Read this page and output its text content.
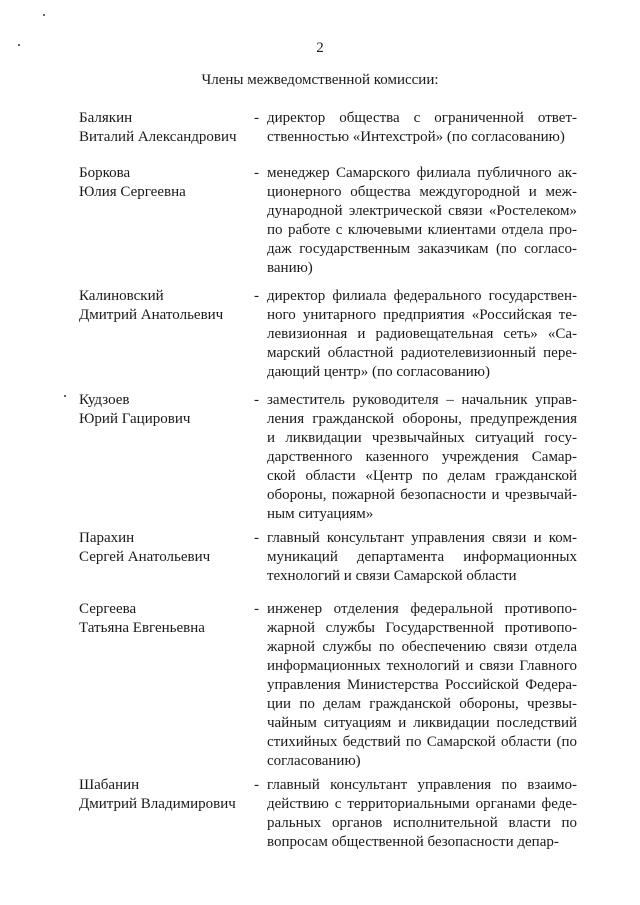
2
Члены межведомственной комиссии:
Балякин
Виталий Александрович
- директор общества с ограниченной ответ-
ственностью «Интехстрой» (по согласованию)
Боркова
Юлия Сергеевна
- менеджер Самарского филиала публичного ак-
ционерного общества междугородной и меж-
дународной электрической связи «Ростелеком»
по работе с ключевыми клиентами отдела про-
даж государственным заказчикам (по согласо-
ванию)
Калиновский
Дмитрий Анатольевич
- директор филиала федерального государствен-
ного унитарного предприятия «Российская те-
левизионная и радиовещательная сеть» «Са-
марский областной радиотелевизионный пере-
дающий центр» (по согласованию)
Кудзоев
Юрий Гацирович
- заместитель руководителя – начальник управ-
ления гражданской обороны, предупреждения
и ликвидации чрезвычайных ситуаций госу-
дарственного казенного учреждения Самар-
ской области «Центр по делам гражданской
обороны, пожарной безопасности и чрезвычай-
ным ситуациям»
Парахин
Сергей Анатольевич
- главный консультант управления связи и ком-
муникаций департамента информационных
технологий и связи Самарской области
Сергеева
Татьяна Евгеньевна
- инженер отделения федеральной противопо-
жарной службы Государственной противопо-
жарной службы по обеспечению связи отдела
информационных технологий и связи Главного
управления Министерства Российской Федера-
ции по делам гражданской обороны, чрезвы-
чайным ситуациям и ликвидации последствий
стихийных бедствий по Самарской области (по
согласованию)
Шабанин
Дмитрий Владимирович
- главный консультант управления по взаимо-
действию с территориальными органами феде-
ральных органов исполнительной власти по
вопросам общественной безопасности депар-
